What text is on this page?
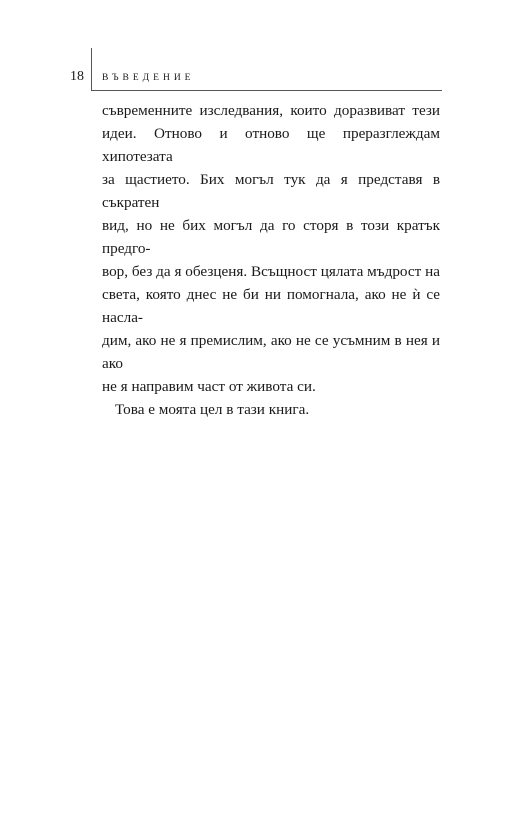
18 ВЪВЕДЕНИЕ

съвременните изследвания, които доразвиват тези

идеи. Отново и отново ще преразглеждам хипотезата

за щастието. Бих могъл тук да я представя в съкратен

вид, но не бих могъл да го сторя в този кратък предго-

вор, без да я обезценя. Всъщност цялата мъдрост на

света, която днес не би ни помогнала, ако не ѝ се насла-

дим, ако не я премислим, ако не се усъмним в нея и ако

не я направим част от живота си.

Това е моята цел в тази книга.
